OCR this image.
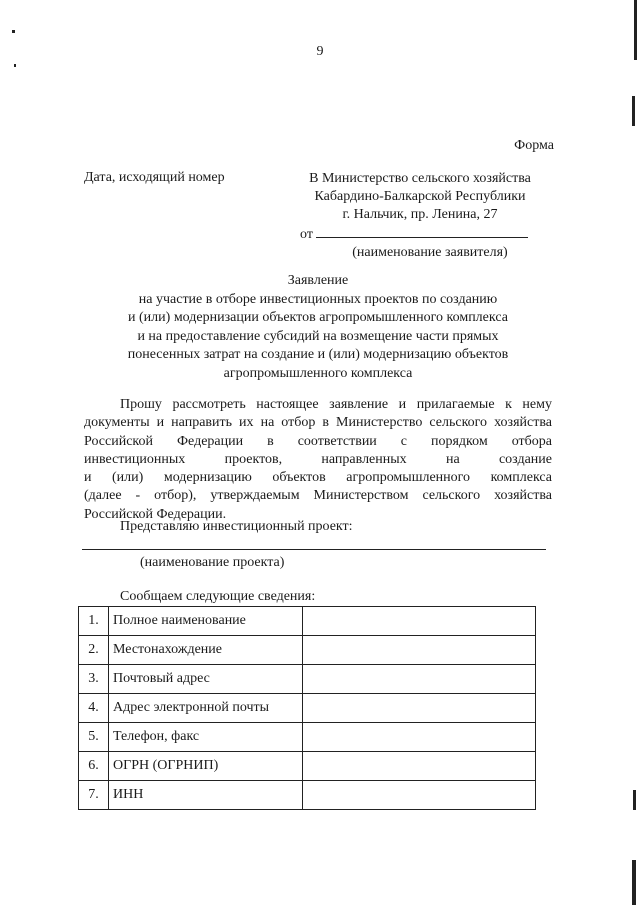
9
Форма
Дата, исходящий номер	В Министерство сельского хозяйства
Кабардино-Балкарской Республики
г. Нальчик, пр. Ленина, 27
от
(наименование заявителя)
Заявление
на участие в отборе инвестиционных проектов по созданию
и (или) модернизации объектов агропромышленного комплекса
и на предоставление субсидий на возмещение части прямых
понесенных затрат на создание и (или) модернизацию объектов
агропромышленного комплекса
Прошу рассмотреть настоящее заявление и прилагаемые к нему
документы и направить их на отбор в Министерство сельского хозяйства
Российской Федерации в соответствии с порядком отбора
инвестиционных проектов, направленных на создание
и (или) модернизацию объектов агропромышленного комплекса
(далее - отбор), утверждаемым Министерством сельского хозяйства
Российской Федерации.
Представляю инвестиционный проект:
(наименование проекта)
Сообщаем следующие сведения:
1.	Полное наименование	
2.	Местонахождение	
3.	Почтовый адрес	
4.	Адрес электронной почты	
5.	Телефон, факс	
6.	ОГРН (ОГРНИП)	
7.	ИНН	
